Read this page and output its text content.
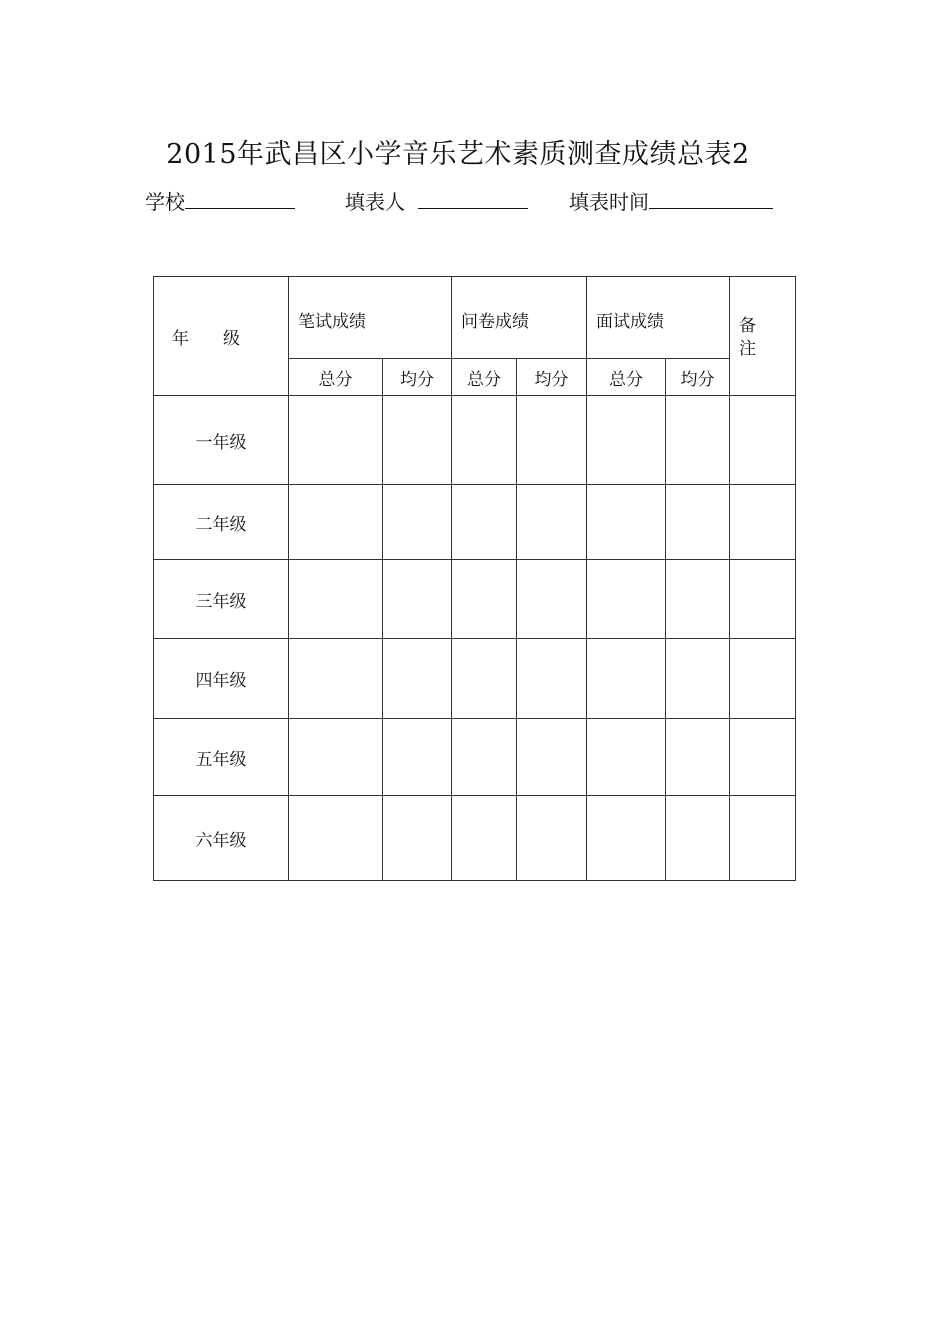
2015年武昌区小学音乐艺术素质测查成绩总表2
学校	填表人	填表时间
年　　级	笔试成绩		问卷成绩		面试成绩		备
注

	总分	均分	总分	均分	总分	均分	
一年级							
二年级							
三年级							
四年级							
五年级							
六年级							
